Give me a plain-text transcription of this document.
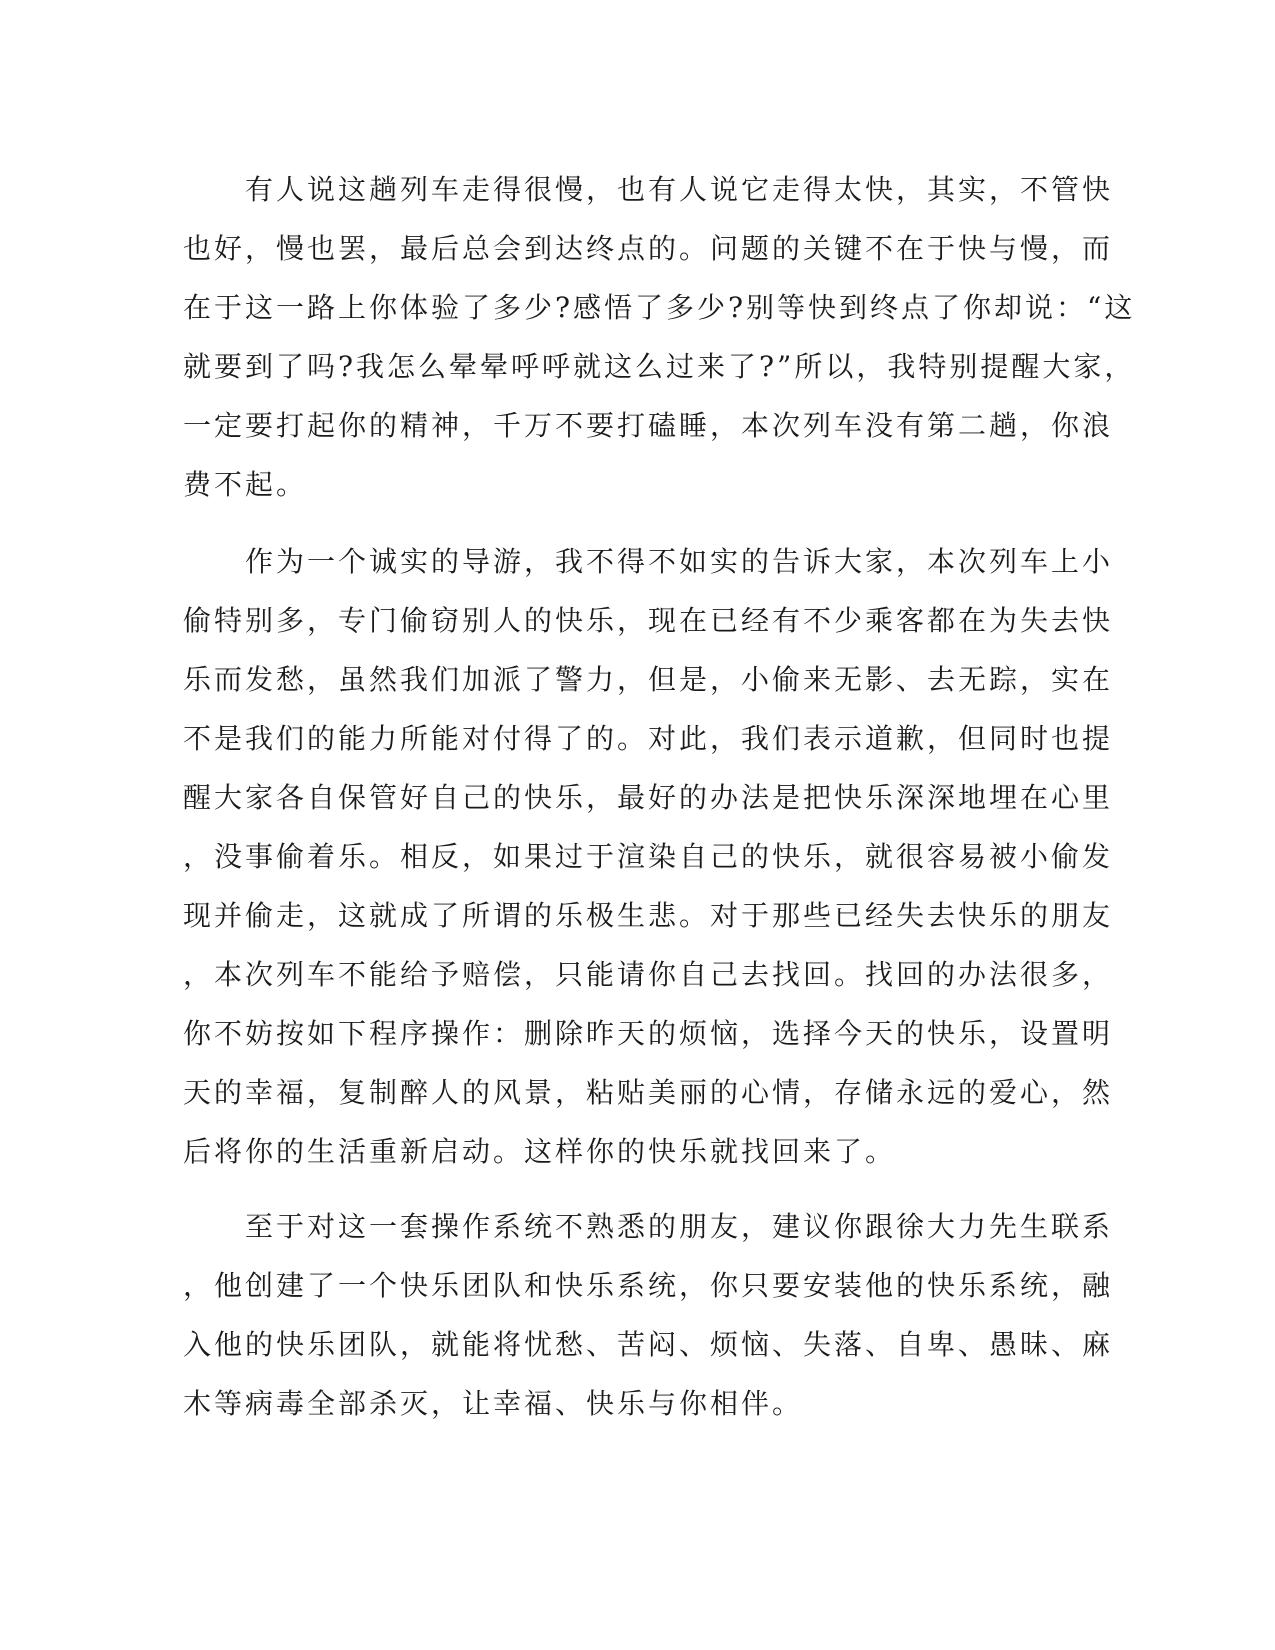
　　有人说这趟列车走得很慢，也有人说它走得太快，其实，不管快
也好，慢也罢，最后总会到达终点的。问题的关键不在于快与慢，而
在于这一路上你体验了多少?感悟了多少?别等快到终点了你却说：“这
就要到了吗?我怎么晕晕呼呼就这么过来了?”所以，我特别提醒大家，
一定要打起你的精神，千万不要打磕睡，本次列车没有第二趟，你浪
费不起。
　　作为一个诚实的导游，我不得不如实的告诉大家，本次列车上小
偷特别多，专门偷窃别人的快乐，现在已经有不少乘客都在为失去快
乐而发愁，虽然我们加派了警力，但是，小偷来无影、去无踪，实在
不是我们的能力所能对付得了的。对此，我们表示道歉，但同时也提
醒大家各自保管好自己的快乐，最好的办法是把快乐深深地埋在心里
，没事偷着乐。相反，如果过于渲染自己的快乐，就很容易被小偷发
现并偷走，这就成了所谓的乐极生悲。对于那些已经失去快乐的朋友
，本次列车不能给予赔偿，只能请你自己去找回。找回的办法很多，
你不妨按如下程序操作：删除昨天的烦恼，选择今天的快乐，设置明
天的幸福，复制醉人的风景，粘贴美丽的心情，存储永远的爱心，然
后将你的生活重新启动。这样你的快乐就找回来了。
　　至于对这一套操作系统不熟悉的朋友，建议你跟徐大力先生联系
，他创建了一个快乐团队和快乐系统，你只要安装他的快乐系统，融
入他的快乐团队，就能将忧愁、苦闷、烦恼、失落、自卑、愚昧、麻
木等病毒全部杀灭，让幸福、快乐与你相伴。
